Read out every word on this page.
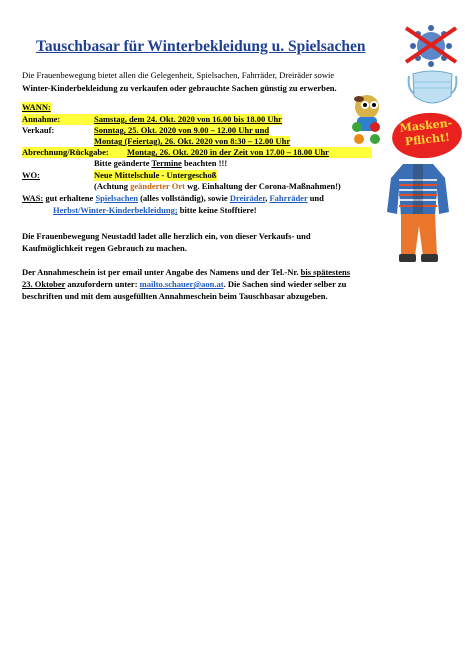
Tauschbasar für Winterbekleidung u. Spielsachen
Die Frauenbewegung bietet allen die Gelegenheit, Spielsachen, Fahrräder, Dreiräder sowie
Winter-Kinderbekleidung zu verkaufen oder gebrauchte Sachen günstig zu erwerben.
Masken-
Pflicht!
WANN:
Annahme:	Samstag, dem 24. Okt. 2020 von 16.00 bis 18.00 Uhr
Verkauf:	Sonntag, 25. Okt. 2020 von 9.00 – 12.00 Uhr und
Montag (Feiertag), 26. Okt. 2020 von 8:30 – 12.00 Uhr
Abrechnung/Rückgabe: Montag, 26. Okt. 2020 in der Zeit von 17.00 – 18.00 Uhr
Bitte geänderte Termine beachten !!!
WO:	Neue Mittelschule - Untergeschoß
(Achtung geänderter Ort wg. Einhaltung der Corona-Maßnahmen!)
WAS: gut erhaltene Spielsachen (alles vollständig), sowie Dreiräder, Fahrräder und
Herbst/Winter-Kinderbekleidung; bitte keine Stofftiere!
Die Frauenbewegung Neustadtl ladet alle herzlich ein, von dieser Verkaufs- und
Kaufmöglichkeit regen Gebrauch zu machen.
Der Annahmeschein ist per email unter Angabe des Namens und der Tel.-Nr. bis spätestens
23. Oktober anzufordern unter: mailto.schauer@aon.at. Die Sachen sind wieder selber zu
beschriften und mit dem ausgefüllten Annahmeschein beim Tauschbasar abzugeben.
